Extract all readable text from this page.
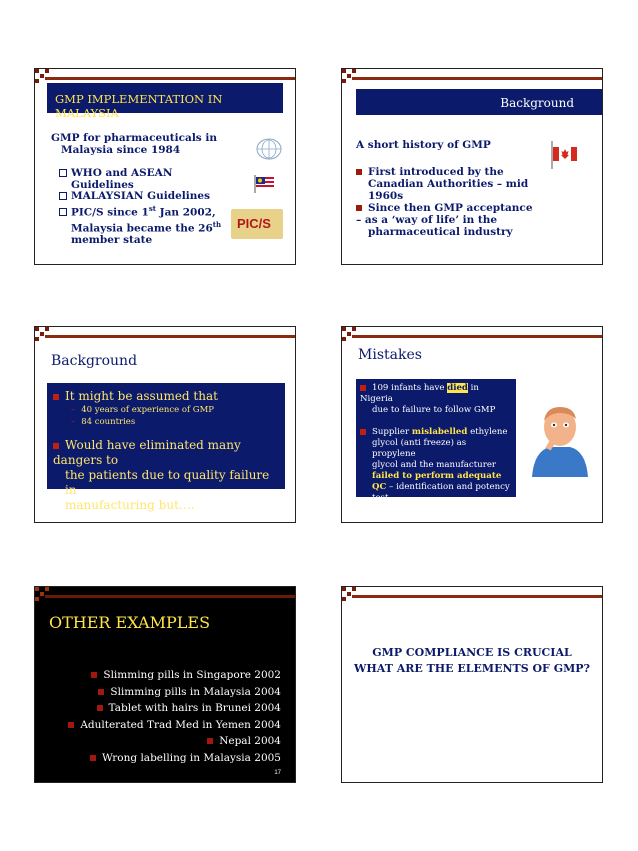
GMP IMPLEMENTATION IN MALAYSIA
GMP for pharmaceuticals in
Malaysia since 1984
WHO and ASEAN
Guidelines
MALAYSIAN Guidelines
PIC/S since 1st Jan 2002,
Malaysia became the 26th
member state
PIC/S
Background
A short history of GMP
First introduced by the
Canadian Authorities – mid
1960s
Since then GMP acceptance
– as a ‘way of life’ in the
pharmaceutical industry
Background
It might be assumed that
– 40 years of experience of GMP
– 84 countries
Would have eliminated many dangers to
the patients due to quality failure in
manufacturing but….
Mistakes
109 infants have died in Nigeria
due to failure to follow GMP
Supplier mislabelled ethylene
glycol (anti freeze) as propylene
glycol and the manufacturer
failed to perform adequate
QC – identification and potency
test
OTHER EXAMPLES
Slimming pills in Singapore 2002
Slimming pills in Malaysia 2004
Tablet with hairs in Brunei 2004
Adulterated Trad Med in Yemen 2004
Nepal 2004
Wrong labelling in Malaysia 2005
17
GMP COMPLIANCE IS CRUCIAL
WHAT ARE THE ELEMENTS OF GMP?
